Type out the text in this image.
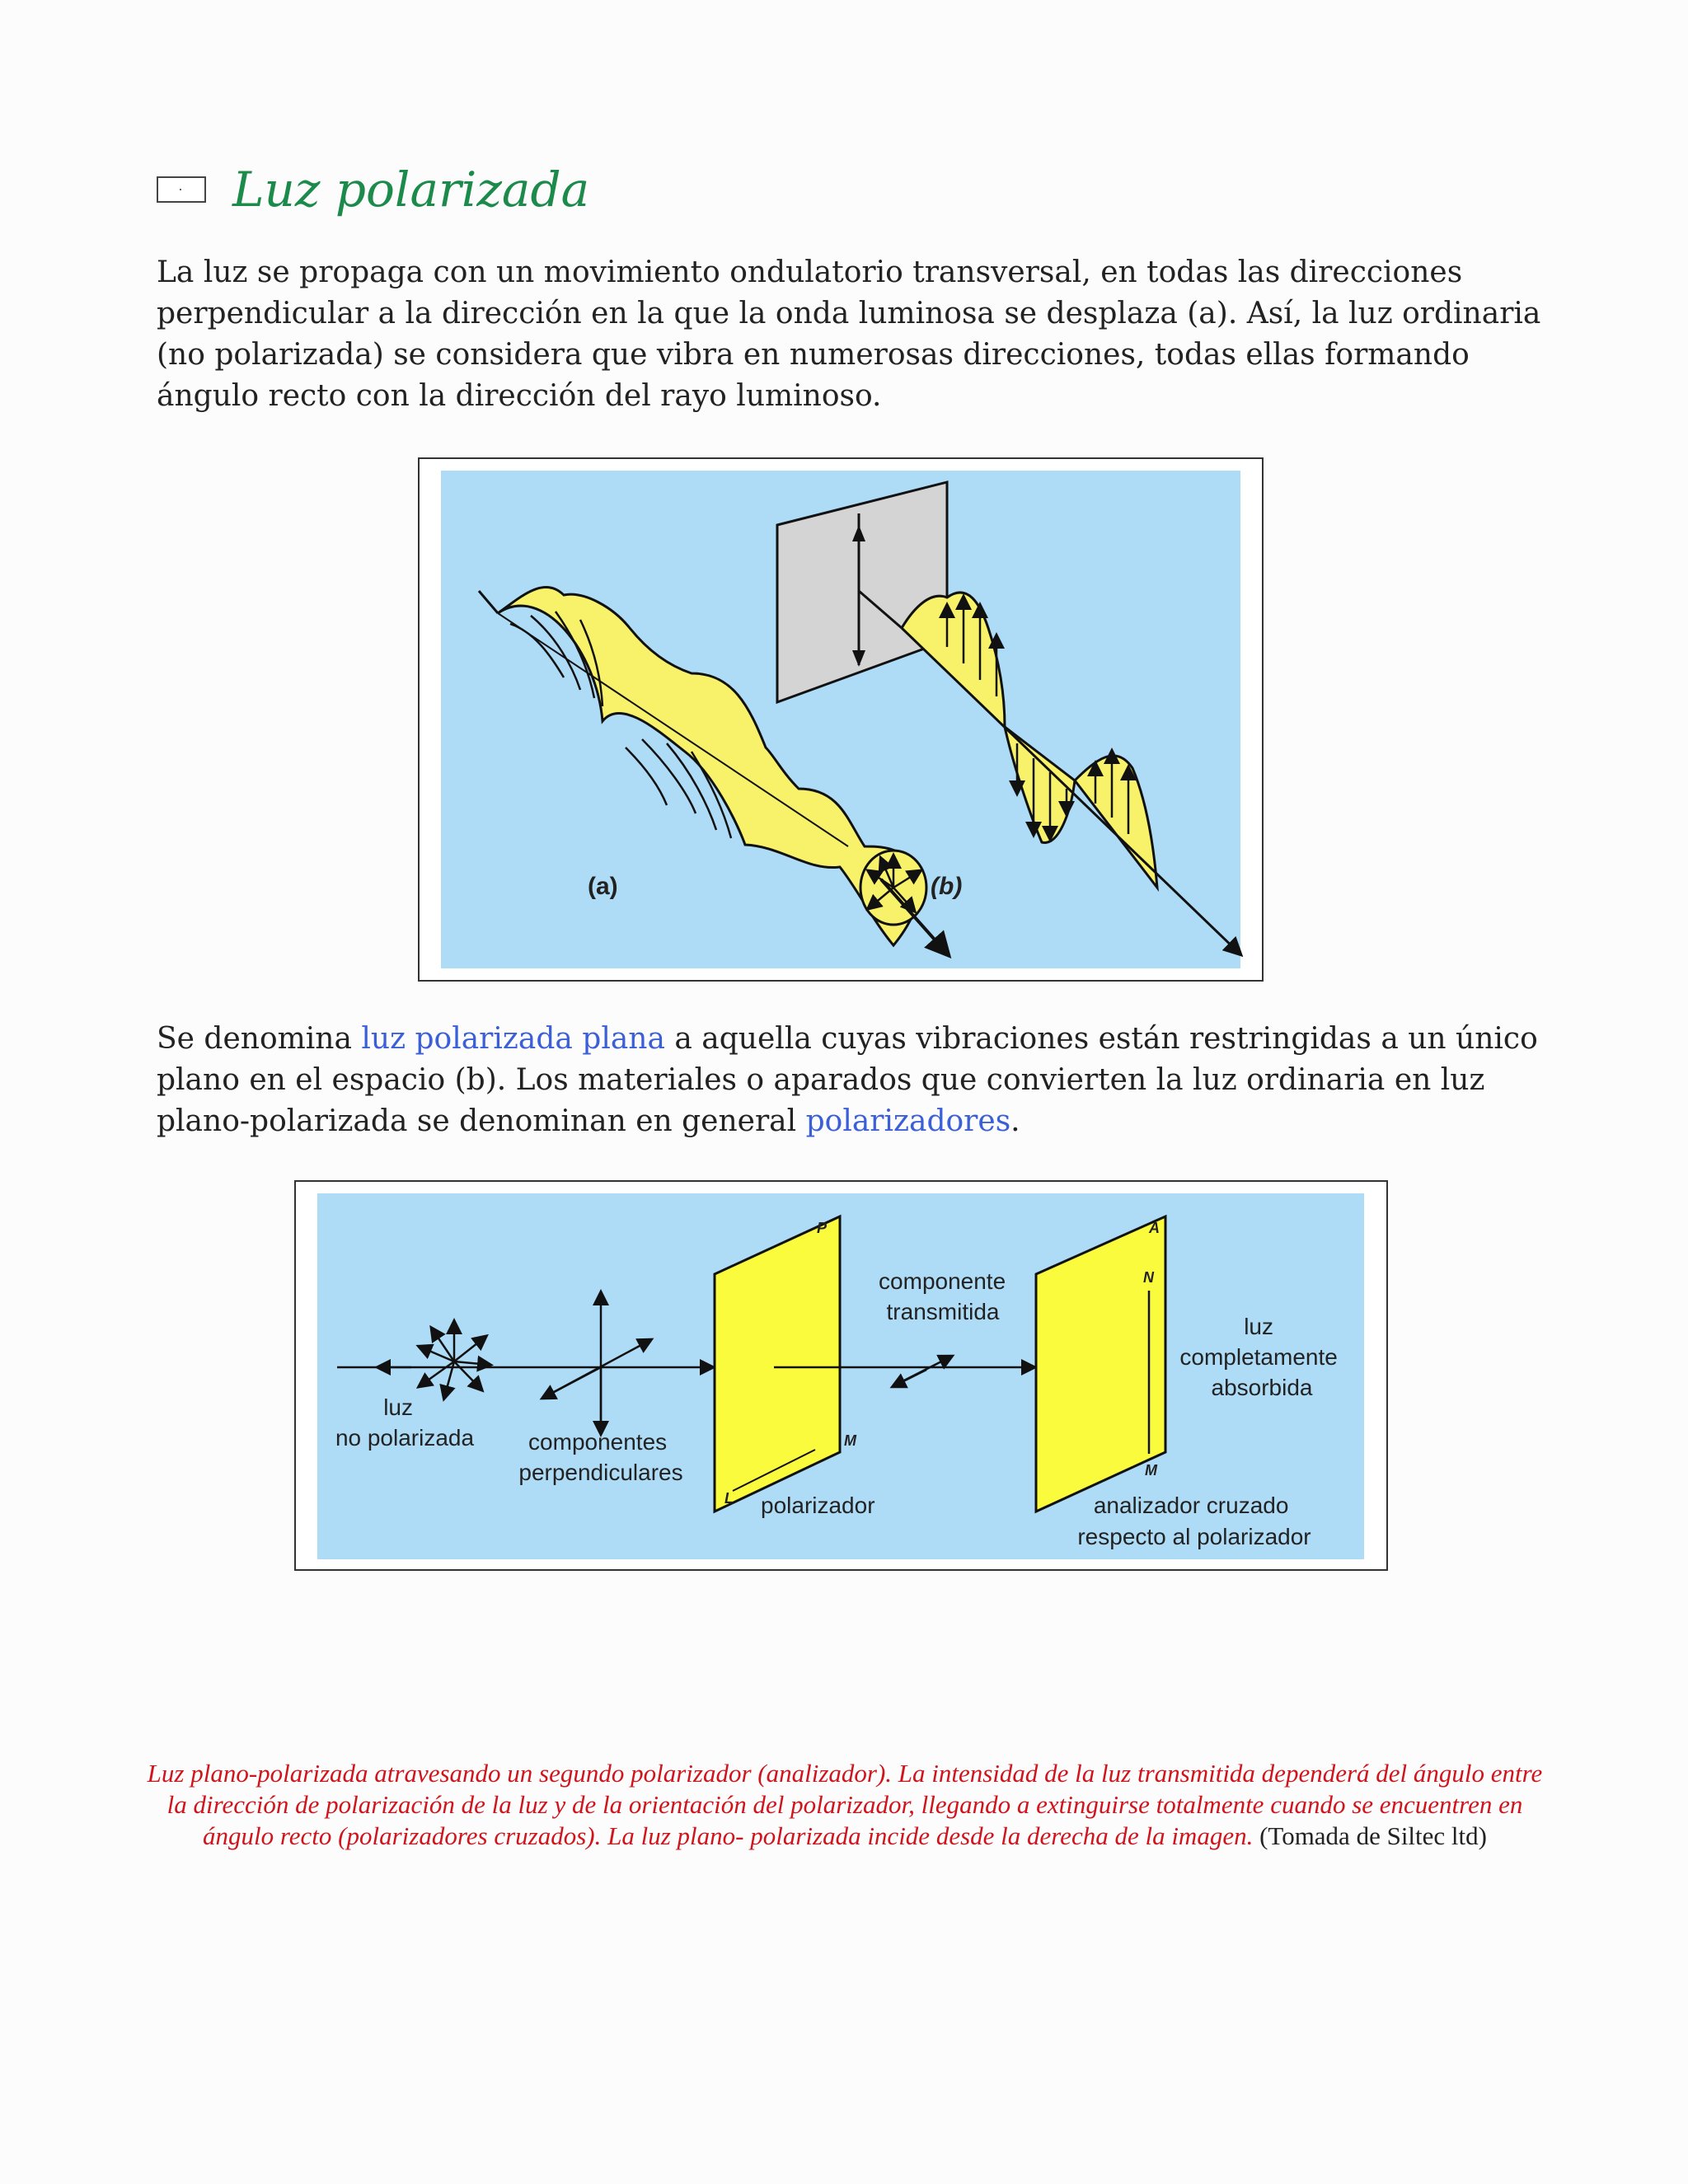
Luz polarizada

La luz se propaga con un movimiento ondulatorio transversal, en todas las direcciones perpendicular a la dirección en la que la onda luminosa se desplaza (a). Así, la luz ordinaria (no polarizada) se considera que vibra en numerosas direcciones, todas ellas formando ángulo recto con la dirección del rayo luminoso.

(a)	(b)

Se denomina luz polarizada plana a aquella cuyas vibraciones están restringidas a un único plano en el espacio (b). Los materiales o aparados que convierten la luz ordinaria en luz plano-polarizada se denominan en general polarizadores.

P
M
L
A
N
M
luz no polarizada	componentes perpendiculares
componente transmitida
luz completamente absorbida
polarizador	analizador cruzado respecto al polarizador
Luz plano-polarizada atravesando un segundo polarizador (analizador). La intensidad de la luz transmitida dependerá del ángulo entre la dirección de polarización de la luz y de la orientación del polarizador, llegando a extinguirse totalmente cuando se encuentren en ángulo recto (polarizadores cruzados). La luz plano- polarizada incide desde la derecha de la imagen. (Tomada de Siltec ltd)
